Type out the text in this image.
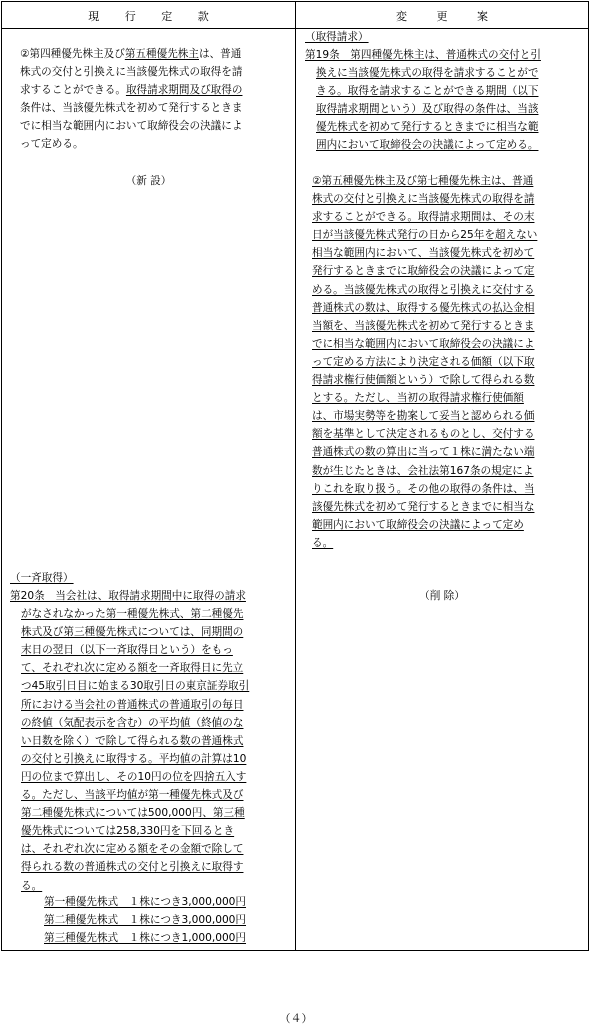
現 行 定 款	変 更 案
②第四種優先株主及び第五種優先株主は、普通
株式の交付と引換えに当該優先株式の取得を請
求することができる。取得請求期間及び取得の
条件は、当該優先株式を初めて発行するときま
でに相当な範囲内において取締役会の決議によ
って定める。
（新 設）
（一斉取得）
第20条　当会社は、取得請求期間中に取得の請求
がなされなかった第一種優先株式、第二種優先
株式及び第三種優先株式については、同期間の
末日の翌日（以下一斉取得日という）をもっ
て、それぞれ次に定める額を一斉取得日に先立
つ45取引日目に始まる30取引日の東京証券取引
所における当会社の普通株式の普通取引の毎日
の終値（気配表示を含む）の平均値（終値のな
い日数を除く）で除して得られる数の普通株式
の交付と引換えに取得する。平均値の計算は10
円の位まで算出し、その10円の位を四捨五入す
る。ただし、当該平均値が第一種優先株式及び
第二種優先株式については500,000円、第三種
優先株式については258,330円を下回るとき
は、それぞれ次に定める額をその金額で除して
得られる数の普通株式の交付と引換えに取得す
る。
第一種優先株式　１株につき3,000,000円
第二種優先株式　１株につき3,000,000円
第三種優先株式　１株につき1,000,000円
（取得請求）
第19条　第四種優先株主は、普通株式の交付と引
換えに当該優先株式の取得を請求することがで
きる。取得を請求することができる期間（以下
取得請求期間という）及び取得の条件は、当該
優先株式を初めて発行するときまでに相当な範
囲内において取締役会の決議によって定める。
②第五種優先株主及び第七種優先株主は、普通
株式の交付と引換えに当該優先株式の取得を請
求することができる。取得請求期間は、その末
日が当該優先株式発行の日から25年を超えない
相当な範囲内において、当該優先株式を初めて
発行するときまでに取締役会の決議によって定
める。当該優先株式の取得と引換えに交付する
普通株式の数は、取得する優先株式の払込金相
当額を、当該優先株式を初めて発行するときま
でに相当な範囲内において取締役会の決議によ
って定める方法により決定される価額（以下取
得請求権行使価額という）で除して得られる数
とする。ただし、当初の取得請求権行使価額
は、市場実勢等を勘案して妥当と認められる価
額を基準として決定されるものとし、交付する
普通株式の数の算出に当って１株に満たない端
数が生じたときは、会社法第167条の規定によ
りこれを取り扱う。その他の取得の条件は、当
該優先株式を初めて発行するときまでに相当な
範囲内において取締役会の決議によって定め
る。
（削 除）
（４）
